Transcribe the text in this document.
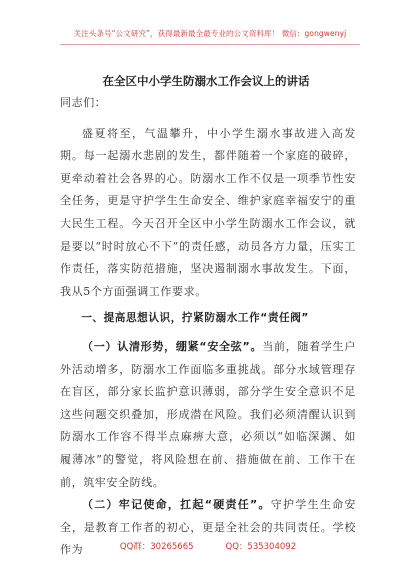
关注头条号“公文研究”，获得最新最全最专业的公文资料库！ 微信：gongwenyj
在全区中小学生防溺水工作会议上的讲话

同志们：

盛夏将至，气温攀升，中小学生溺水事故进入高发期。每一起溺水悲剧的发生，都伴随着一个家庭的破碎，更牵动着社会各界的心。防溺水工作不仅是一项季节性安全任务，更是守护学生生命安全、维护家庭幸福安宁的重大民生工程。今天召开全区中小学生防溺水工作会议，就是要以“时时放心不下”的责任感，动员各方力量，压实工作责任，落实防范措施，坚决遏制溺水事故发生。下面，我从5个方面强调工作要求。

一、提高思想认识，拧紧防溺水工作“责任阀”

（一）认清形势，绷紧“安全弦”。当前，随着学生户外活动增多，防溺水工作面临多重挑战。部分水域管理存在盲区，部分家长监护意识薄弱，部分学生安全意识不足这些问题交织叠加，形成潜在风险。我们必须清醒认识到防溺水工作容不得半点麻痹大意，必须以“如临深渊、如履薄冰”的警觉，将风险想在前、措施做在前、工作干在前，筑牢安全防线。

（二）牢记使命，扛起“硬责任”。守护学生生命安全，是教育工作者的初心，更是全社会的共同责任。学校作为	QQ群：30265665	QQ：535304092
